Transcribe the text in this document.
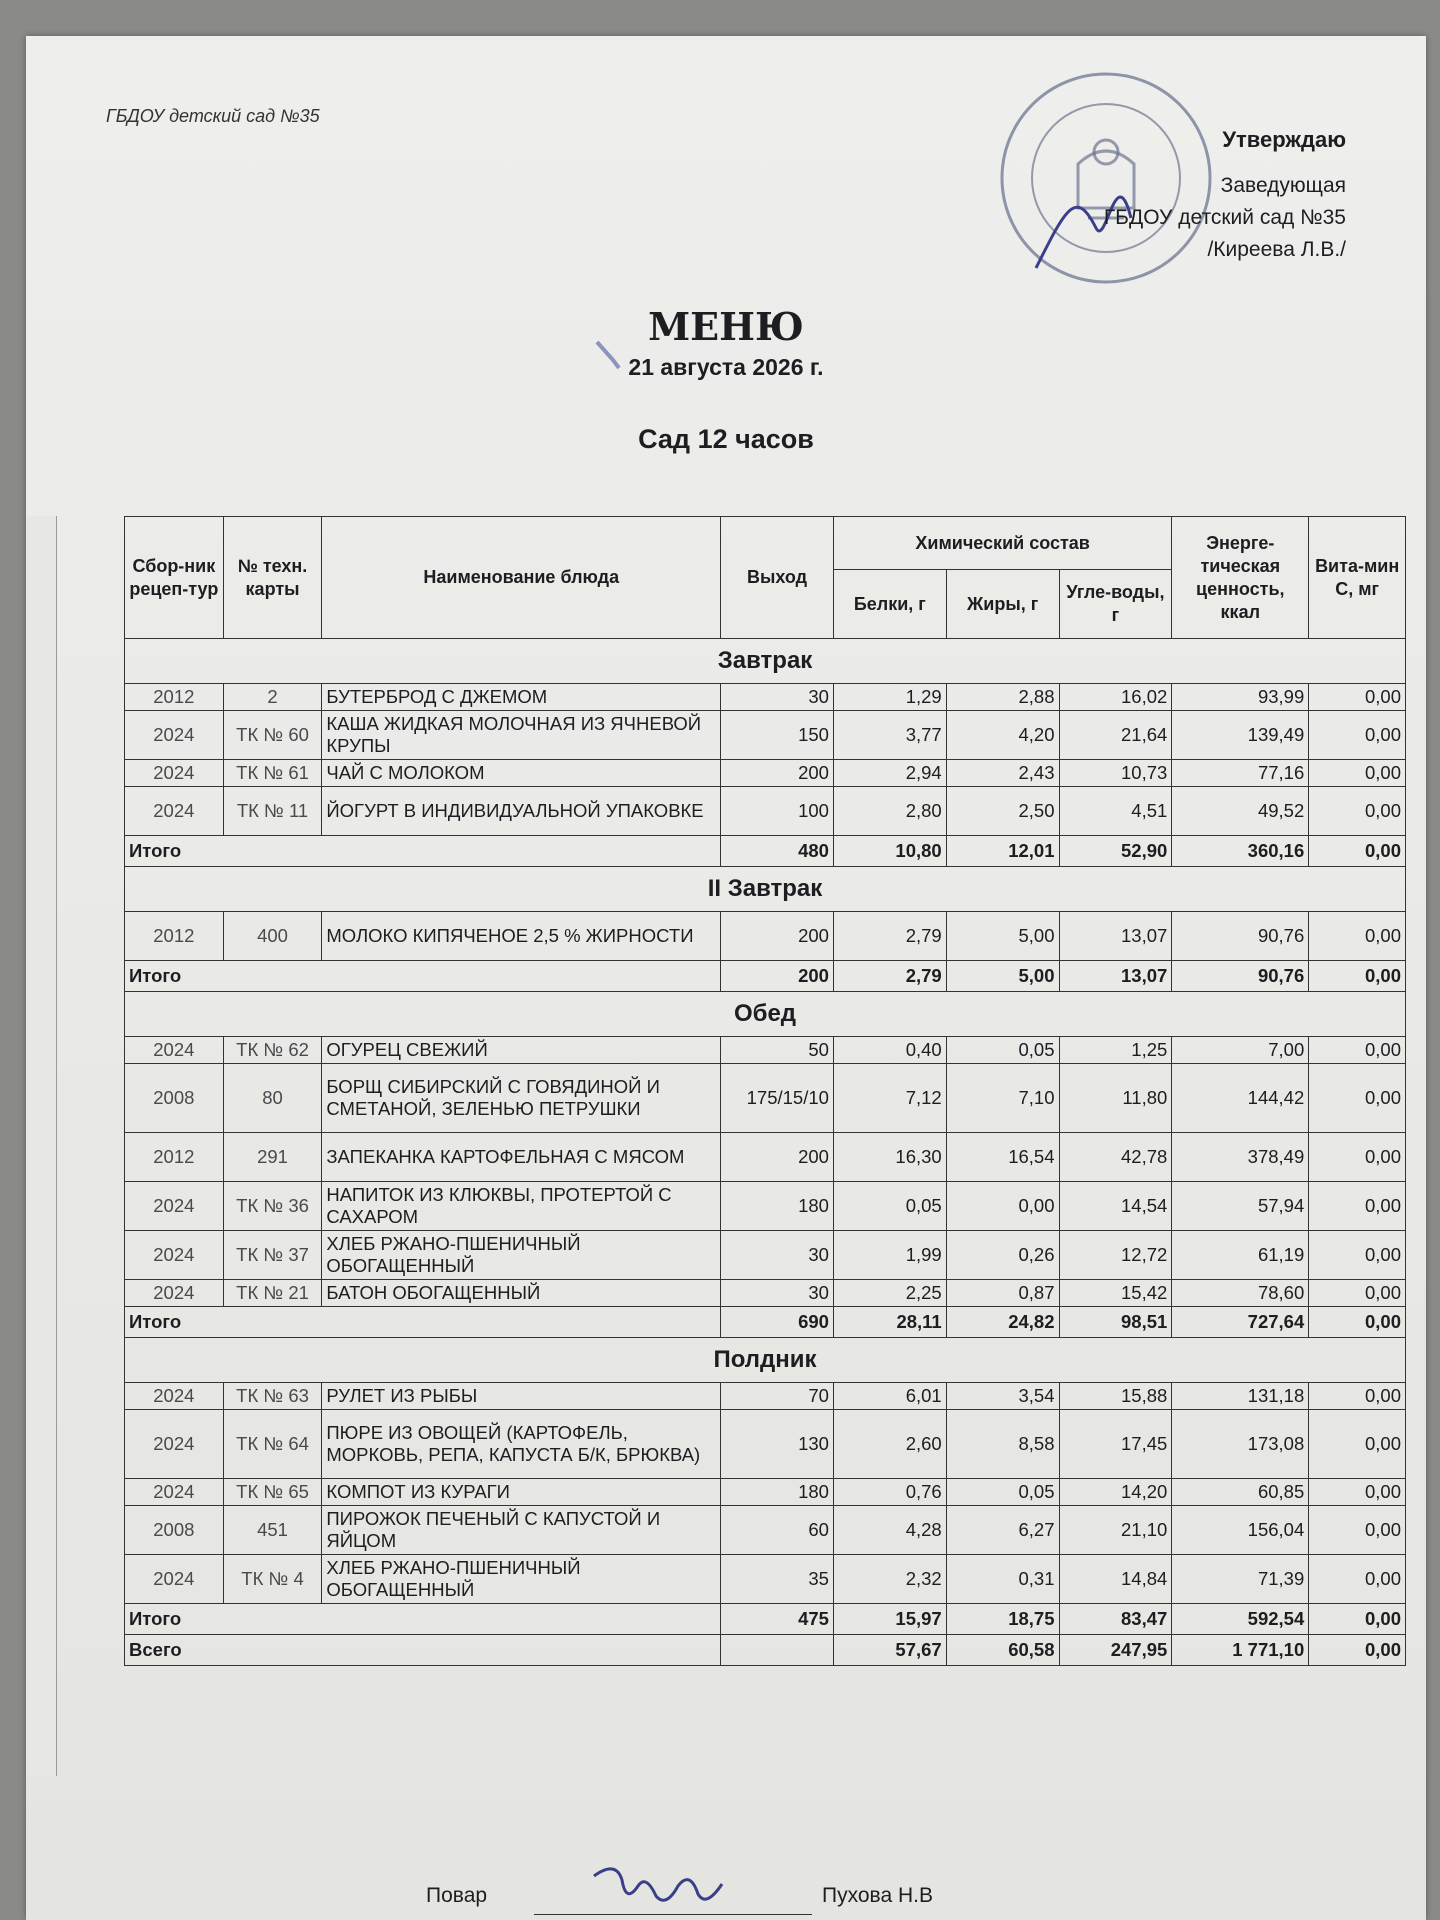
ГБДОУ детский сад №35
Утверждаю
Заведующая
ГБДОУ детский сад №35
/Киреева Л.В./
МЕНЮ
21 августа 2026 г.
Сад 12 часов
Сбор-ник рецеп-тур	№ техн. карты	Наименование блюда	Выход	Химический состав			Энерге-тическая ценность, ккал	Вита-мин С, мг
				Белки, г	Жиры, г	Угле-воды, г		
Завтрак								
2012	2	БУТЕРБРОД С ДЖЕМОМ	30	1,29	2,88	16,02	93,99	0,00
2024	ТК № 60	КАША ЖИДКАЯ МОЛОЧНАЯ ИЗ ЯЧНЕВОЙ КРУПЫ	150	3,77	4,20	21,64	139,49	0,00
2024	ТК № 61	ЧАЙ С МОЛОКОМ	200	2,94	2,43	10,73	77,16	0,00
2024	ТК № 11	ЙОГУРТ В ИНДИВИДУАЛЬНОЙ УПАКОВКЕ	100	2,80	2,50	4,51	49,52	0,00
Итого			480	10,80	12,01	52,90	360,16	0,00
II Завтрак								
2012	400	МОЛОКО КИПЯЧЕНОЕ 2,5 % ЖИРНОСТИ	200	2,79	5,00	13,07	90,76	0,00
Итого			200	2,79	5,00	13,07	90,76	0,00
Обед								
2024	ТК № 62	ОГУРЕЦ СВЕЖИЙ	50	0,40	0,05	1,25	7,00	0,00
2008	80	БОРЩ СИБИРСКИЙ С ГОВЯДИНОЙ И СМЕТАНОЙ, ЗЕЛЕНЬЮ ПЕТРУШКИ	175/15/10	7,12	7,10	11,80	144,42	0,00
2012	291	ЗАПЕКАНКА КАРТОФЕЛЬНАЯ С МЯСОМ	200	16,30	16,54	42,78	378,49	0,00
2024	ТК № 36	НАПИТОК ИЗ КЛЮКВЫ, ПРОТЕРТОЙ С САХАРОМ	180	0,05	0,00	14,54	57,94	0,00
2024	ТК № 37	ХЛЕБ РЖАНО-ПШЕНИЧНЫЙ ОБОГАЩЕННЫЙ	30	1,99	0,26	12,72	61,19	0,00
2024	ТК № 21	БАТОН ОБОГАЩЕННЫЙ	30	2,25	0,87	15,42	78,60	0,00
Итого			690	28,11	24,82	98,51	727,64	0,00
Полдник								
2024	ТК № 63	РУЛЕТ ИЗ РЫБЫ	70	6,01	3,54	15,88	131,18	0,00
2024	ТК № 64	ПЮРЕ ИЗ ОВОЩЕЙ (КАРТОФЕЛЬ, МОРКОВЬ, РЕПА, КАПУСТА Б/К, БРЮКВА)	130	2,60	8,58	17,45	173,08	0,00
2024	ТК № 65	КОМПОТ ИЗ КУРАГИ	180	0,76	0,05	14,20	60,85	0,00
2008	451	ПИРОЖОК ПЕЧЕНЫЙ С КАПУСТОЙ И ЯЙЦОМ	60	4,28	6,27	21,10	156,04	0,00
2024	ТК № 4	ХЛЕБ РЖАНО-ПШЕНИЧНЫЙ ОБОГАЩЕННЫЙ	35	2,32	0,31	14,84	71,39	0,00
Итого			475	15,97	18,75	83,47	592,54	0,00
Всего				57,67	60,58	247,95	1 771,10	0,00
Повар	Пухова Н.В
